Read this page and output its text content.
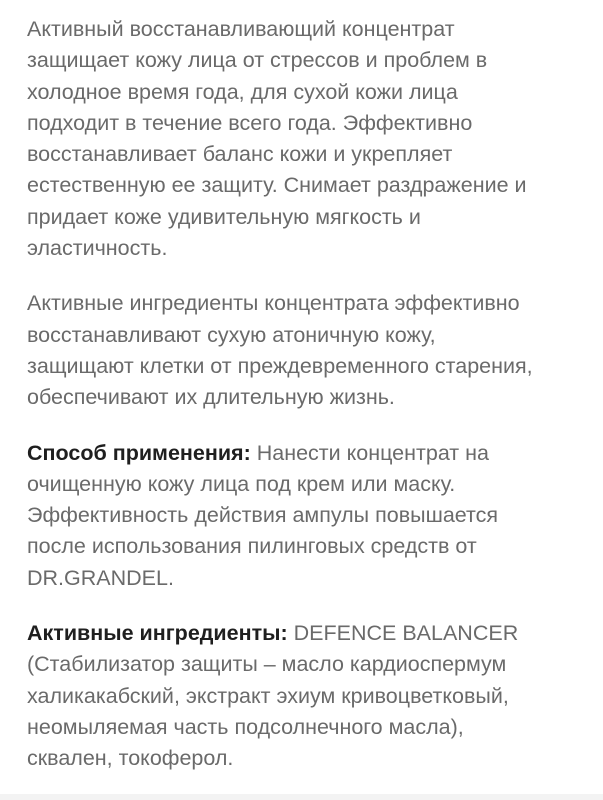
Активный восстанавливающий концентрат
защищает кожу лица от стрессов и проблем в
холодное время года, для сухой кожи лица
подходит в течение всего года. Эффективно
восстанавливает баланс кожи и укрепляет
естественную ее защиту. Снимает раздражение и
придает коже удивительную мягкость и
эластичность.

Активные ингредиенты концентрата эффективно
восстанавливают сухую атоничную кожу,
защищают клетки от преждевременного старения,
обеспечивают их длительную жизнь.

Способ применения: Нанести концентрат на
очищенную кожу лица под крем или маску.
Эффективность действия ампулы повышается
после использования пилинговых средств от
DR.GRANDEL.

Активные ингредиенты: DEFENCE BALANCER
(Стабилизатор защиты – масло кардиоспермум
халикакабский, экстракт эхиум кривоцветковый,
неомыляемая часть подсолнечного масла),
сквален, токоферол.
